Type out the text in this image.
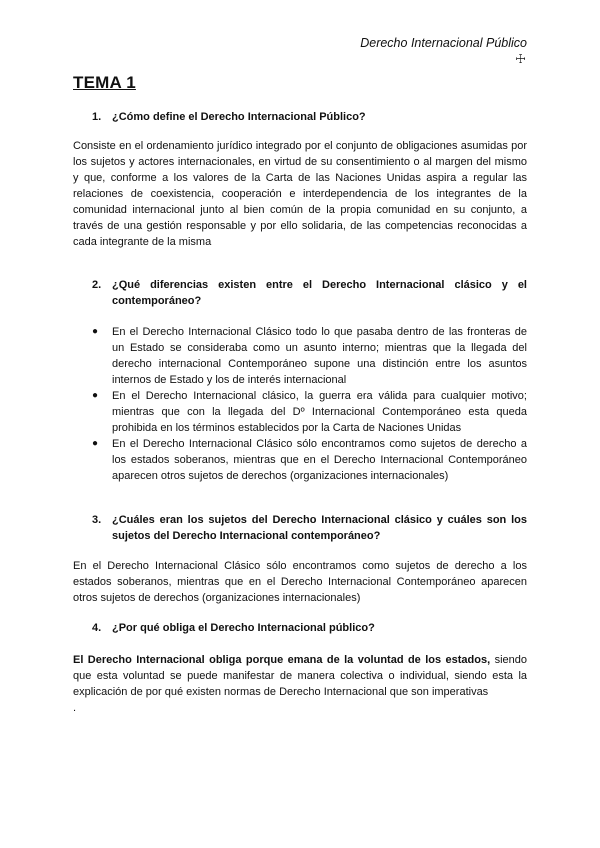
Derecho Internacional Público
☩
TEMA 1
1. ¿Cómo define el Derecho Internacional Público?

Consiste en el ordenamiento jurídico integrado por el conjunto de obligaciones asumidas por los sujetos y actores internacionales, en virtud de su consentimiento o al margen del mismo y que, conforme a los valores de la Carta de las Naciones Unidas aspira a regular las relaciones de coexistencia, cooperación e interdependencia de los integrantes de la comunidad internacional junto al bien común de la propia comunidad en su conjunto, a través de una gestión responsable y por ello solidaria, de las competencias reconocidas a cada integrante de la misma

2. ¿Qué diferencias existen entre el Derecho Internacional clásico y el contemporáneo?
● En el Derecho Internacional Clásico todo lo que pasaba dentro de las fronteras de un Estado se consideraba como un asunto interno; mientras que la llegada del derecho internacional Contemporáneo supone una distinción entre los asuntos internos de Estado y los de interés internacional
● En el Derecho Internacional clásico, la guerra era válida para cualquier motivo; mientras que con la llegada del Dº Internacional Contemporáneo esta queda prohibida en los términos establecidos por la Carta de Naciones Unidas
● En el Derecho Internacional Clásico sólo encontramos como sujetos de derecho a los estados soberanos, mientras que en el Derecho Internacional Contemporáneo aparecen otros sujetos de derechos (organizaciones internacionales)
3. ¿Cuáles eran los sujetos del Derecho Internacional clásico y cuáles son los sujetos del Derecho Internacional contemporáneo?

En el Derecho Internacional Clásico sólo encontramos como sujetos de derecho a los estados soberanos, mientras que en el Derecho Internacional Contemporáneo aparecen otros sujetos de derechos (organizaciones internacionales)

4. ¿Por qué obliga el Derecho Internacional público?

El Derecho Internacional obliga porque emana de la voluntad de los estados, siendo que esta voluntad se puede manifestar de manera colectiva o individual, siendo esta la explicación de por qué existen normas de Derecho Internacional que son imperativas

.
